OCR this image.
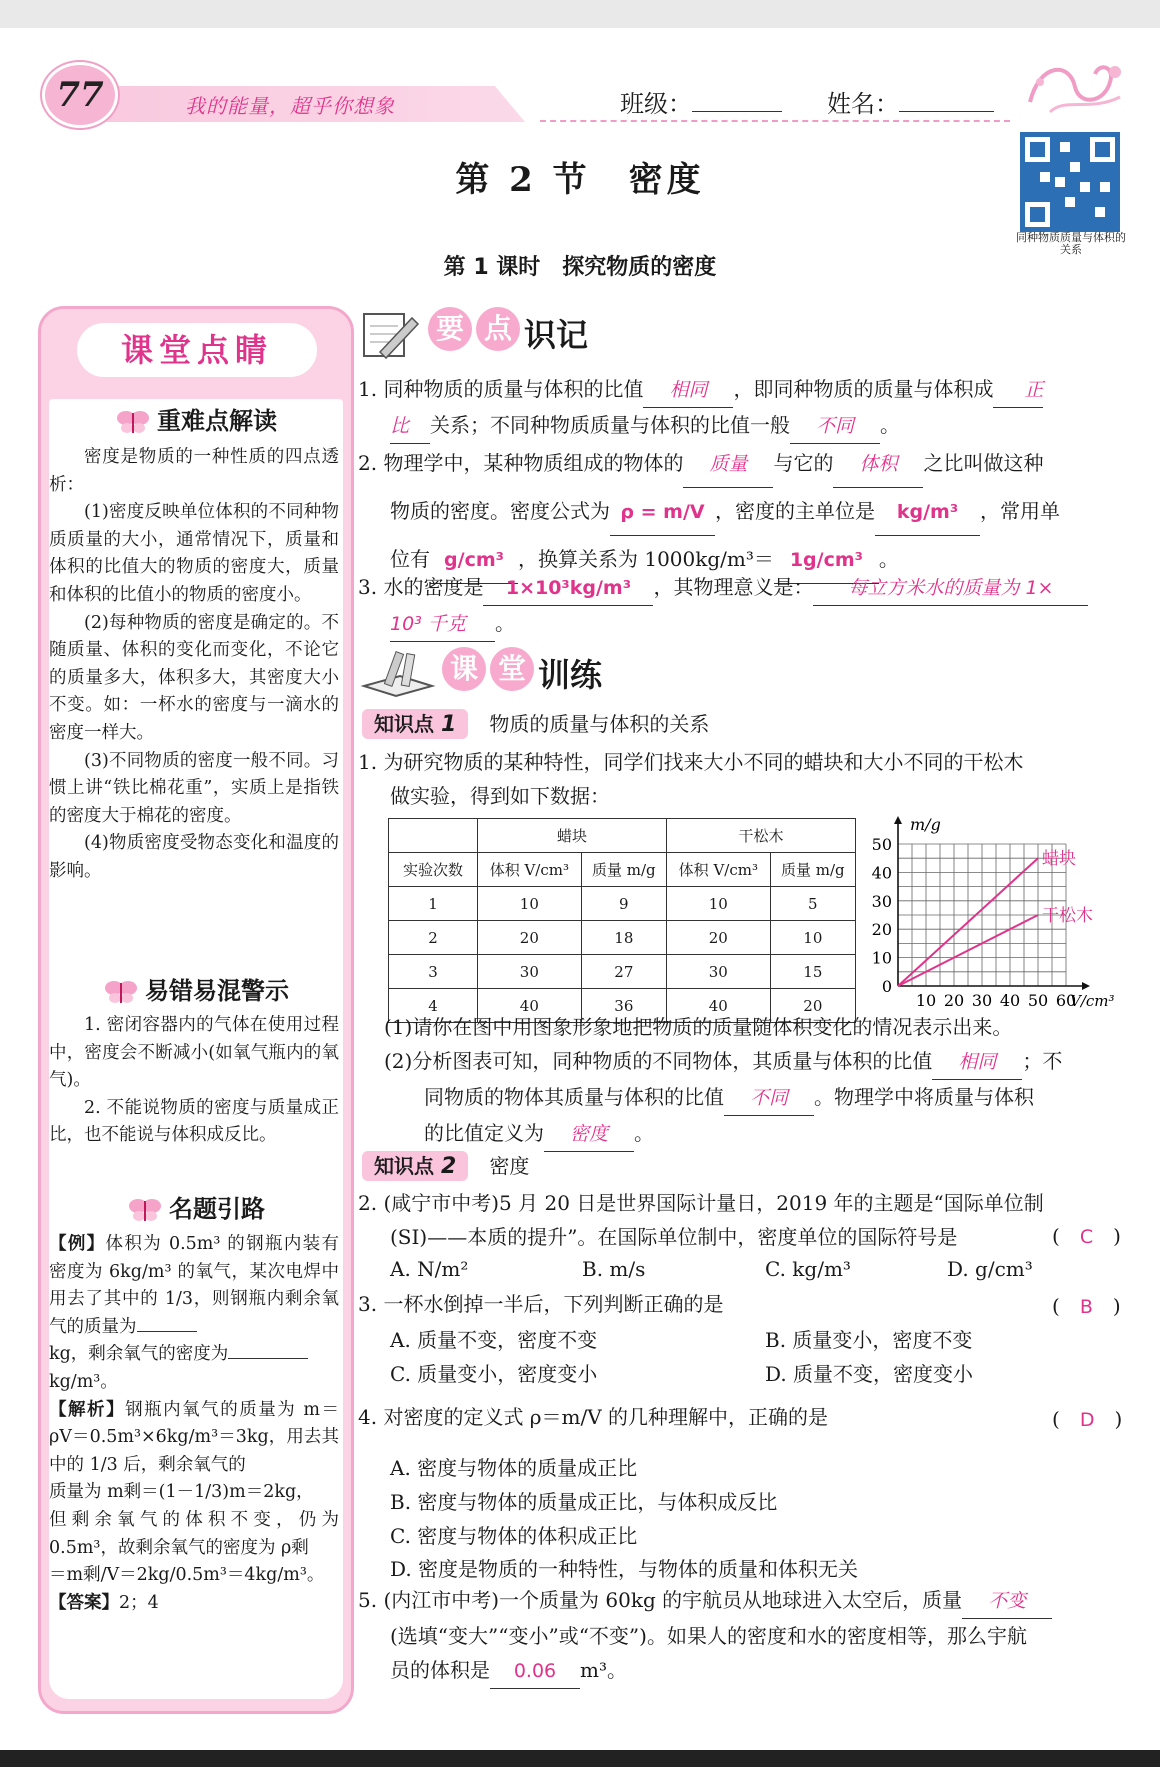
77	我的能量，超乎你想象	班级：	姓名：
第 2 节　密度
同种物质质量与体积的关系
第 1 课时　探究物质的密度
课堂点睛
重难点解读

密度是物质的一种性质的四点透析：

(1)密度反映单位体积的不同种物质质量的大小，通常情况下，质量和体积的比值大的物质的密度大，质量和体积的比值小的物质的密度小。

(2)每种物质的密度是确定的。不随质量、体积的变化而变化，不论它的质量多大，体积多大，其密度大小不变。如：一杯水的密度与一滴水的密度一样大。

(3)不同物质的密度一般不同。习惯上讲“铁比棉花重”，实质上是指铁的密度大于棉花的密度。

(4)物质密度受物态变化和温度的影响。

易错易混警示

1. 密闭容器内的气体在使用过程中，密度会不断减小(如氧气瓶内的氧气)。

2. 不能说物质的密度与质量成正比，也不能说与体积成反比。

名题引路
【例】体积为 0.5m³ 的钢瓶内装有密度为 6kg/m³ 的氧气，某次电焊中用去了其中的 1/3，则钢瓶内剩余氧气的质量为
kg，剩余氧气的密度为
kg/m³。
【解析】钢瓶内氧气的质量为 m＝ρV＝0.5m³×6kg/m³＝3kg，用去其中的 1/3 后，剩余氧气的
质量为 m剩＝(1－1/3)m＝2kg，
但剩余氧气的体积不变，仍为 0.5m³，故剩余氧气的密度为 ρ剩
＝m剩/V＝2kg/0.5m³＝4kg/m³。
【答案】2；4
要 点 识记
1. 同种物质的质量与体积的比值 相同 ，即同种物质的质量与体积成 正
比 关系；不同种物质质量与体积的比值一般 不同 。
2. 物理学中，某种物质组成的物体的 质量 与它的 体积 之比叫做这种
物质的密度。密度公式为 ρ = m/V ，密度的主单位是 kg/m³ ，常用单
位有 g/cm³ ，换算关系为 1000kg/m³＝ 1g/cm³ 。
3. 水的密度是 1×10³kg/m³ ，其物理意义是： 每立方米水的质量为 1×
10³ 千克 。
课 堂 训练
知识点 1 物质的质量与体积的关系
1. 为研究物质的某种特性，同学们找来大小不同的蜡块和大小不同的干松木
做实验，得到如下数据：
	蜡块		干松木	
实验次数	体积 V/cm³	质量 m/g	体积 V/cm³	质量 m/g
1	10	9	10	5
2	20	18	20	10
3	30	27	30	15
4	40	36	40	20
0
10
20
30
40
50
10 20 30 40 50 60
m/g
V/cm³
蜡块
干松木
(1)请你在图中用图象形象地把物质的质量随体积变化的情况表示出来。
(2)分析图表可知，同种物质的不同物体，其质量与体积的比值 相同 ；不
同物质的物体其质量与体积的比值 不同 。物理学中将质量与体积
的比值定义为 密度 。
知识点 2 密度
2. (咸宁市中考)5 月 20 日是世界国际计量日，2019 年的主题是“国际单位制
(SI)——本质的提升”。在国际单位制中，密度单位的国际符号是	(　C　)
A. N/m²	B. m/s	C. kg/m³	D. g/cm³
3. 一杯水倒掉一半后，下列判断正确的是	(　B　)
A. 质量不变，密度不变	B. 质量变小，密度不变
C. 质量变小，密度变小	D. 质量不变，密度变小
4. 对密度的定义式 ρ＝m/V 的几种理解中，正确的是	(　D　)
A. 密度与物体的质量成正比
B. 密度与物体的质量成正比，与体积成反比
C. 密度与物体的体积成正比
D. 密度是物质的一种特性，与物体的质量和体积无关
5. (内江市中考)一个质量为 60kg 的宇航员从地球进入太空后，质量 不变
(选填“变大”“变小”或“不变”)。如果人的密度和水的密度相等，那么宇航
员的体积是 0.06 m³。
